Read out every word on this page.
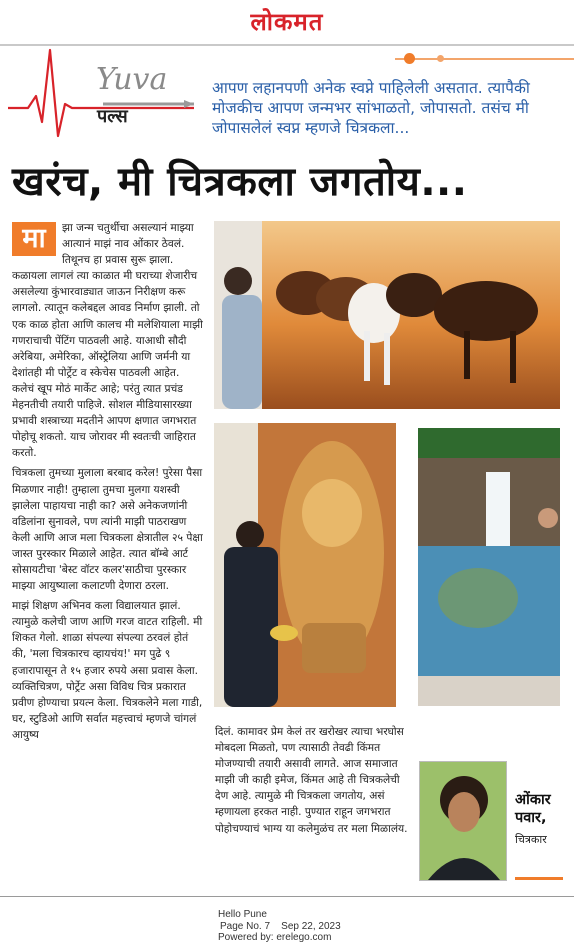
लोकमत
Yuva
पल्स
आपण लहानपणी अनेक स्वप्ने पाहिलेली असतात. त्यापैकी मोजकीच आपण जन्मभर सांभाळतो, जोपासतो. तसंच मी जोपासलेलं स्वप्न म्हणजे चित्रकला...
खरंच, मी चित्रकला जगतोय...

मा	झा जन्म चतुर्थीचा असल्यानं माझ्या आत्यानं माझं नाव ओंकार ठेवलं. तिथूनच हा प्रवास सुरू झाला. कळायला लागलं त्या काळात मी घराच्या शेजारीच असलेल्या कुंभारवाड्यात जाऊन निरीक्षण करू लागलो. त्यातून कलेबद्दल आवड निर्माण झाली. तो एक काळ होता आणि कालच मी मलेशियाला माझी गणराचाची पेंटिंग पाठवली आहे. याआधी सौदी अरेबिया, अमेरिका, ऑस्ट्रेलिया आणि जर्मनी या देशांतही मी पोर्ट्रेट व स्केचेस पाठवली आहेत. कलेचं खूप मोठं मार्केट आहे; परंतु त्यात प्रचंड मेहनतीची तयारी पाहिजे. सोशल मीडियासारख्या प्रभावी शस्त्राच्या मदतीने आपण क्षणात जगभरात पोहोचू शकतो. याच जोरावर मी स्वतःची जाहिरात करतो.

चित्रकला तुमच्या मुलाला बरबाद करेल! पुरेसा पैसा मिळणार नाही! तुम्हाला तुमचा मुलगा यशस्वी झालेला पाहायचा नाही का? असे अनेकजणांनी वडिलांना सुनावले, पण त्यांनी माझी पाठराखण केली आणि आज मला चित्रकला क्षेत्रातील २५ पेक्षा जास्त पुरस्कार मिळाले आहेत. त्यात बॉम्बे आर्ट सोसायटीचा 'बेस्ट वॉटर कलर'साठीचा पुरस्कार माझ्या आयुष्याला कलाटणी देणारा ठरला.

माझं शिक्षण अभिनव कला विद्यालयात झालं. त्यामुळे कलेची जाण आणि गरज वाटत राहिली. मी शिकत गेलो. शाळा संपल्या संपल्या ठरवलं होतं की, 'मला चित्रकारच व्हायचंय!' मग पुढे ९ हजारापासून ते १५ हजार रुपये असा प्रवास केला. व्यक्तिचित्रण, पोर्ट्रेट असा विविध चित्र प्रकारात प्रवीण होण्याचा प्रयत्न केला. चित्रकलेने मला गाडी, घर, स्टुडिओ आणि सर्वात महत्त्वाचं म्हणजे चांगलं आयुष्य	दिलं. कामावर प्रेम केलं तर खरोखर त्याचा भरघोस मोबदला मिळतो, पण त्यासाठी तेवढी किंमत मोजण्याची तयारी असावी लागते. आज समाजात माझी जी काही इमेज, किंमत आहे ती चित्रकलेची देण आहे. त्यामुळे मी चित्रकला जगतोय, असं म्हणायला हरकत नाही. पुण्यात राहून जगभरात पोहोचण्याचं भाग्य या कलेमुळंच तर मला मिळालंय.

ओंकार पवार,
चित्रकार
Hello Pune
Page No. 7    Sep 22, 2023
Powered by: erelego.com
